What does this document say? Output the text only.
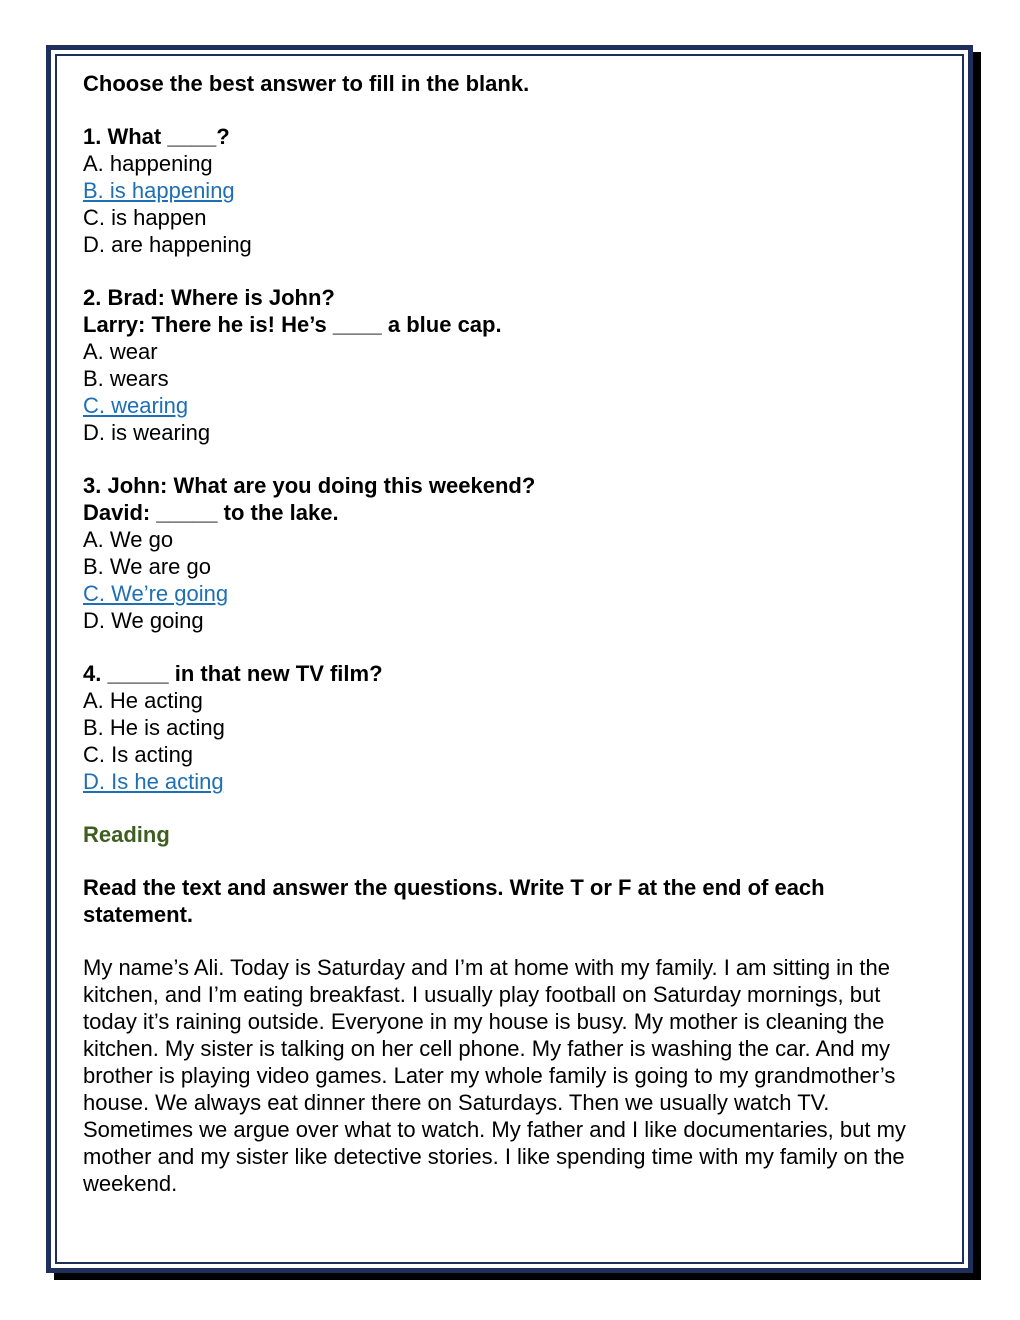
Choose the best answer to fill in the blank.
1. What ____?
A. happening
B. is happening
C. is happen
D. are happening
2. Brad: Where is John?
Larry: There he is! He’s ____ a blue cap.
A. wear
B. wears
C. wearing
D. is wearing
3. John: What are you doing this weekend?
David: _____ to the lake.
A. We go
B. We are go
C. We’re going
D. We going
4. _____ in that new TV film?
A. He acting
B. He is acting
C. Is acting
D. Is he acting
Reading
Read the text and answer the questions. Write T or F at the end of each
statement.
My name’s Ali. Today is Saturday and I’m at home with my family. I am sitting in the
kitchen, and I’m eating breakfast. I usually play football on Saturday mornings, but
today it’s raining outside. Everyone in my house is busy. My mother is cleaning the
kitchen. My sister is talking on her cell phone. My father is washing the car. And my
brother is playing video games. Later my whole family is going to my grandmother’s
house. We always eat dinner there on Saturdays. Then we usually watch TV.
Sometimes we argue over what to watch. My father and I like documentaries, but my
mother and my sister like detective stories. I like spending time with my family on the
weekend.
